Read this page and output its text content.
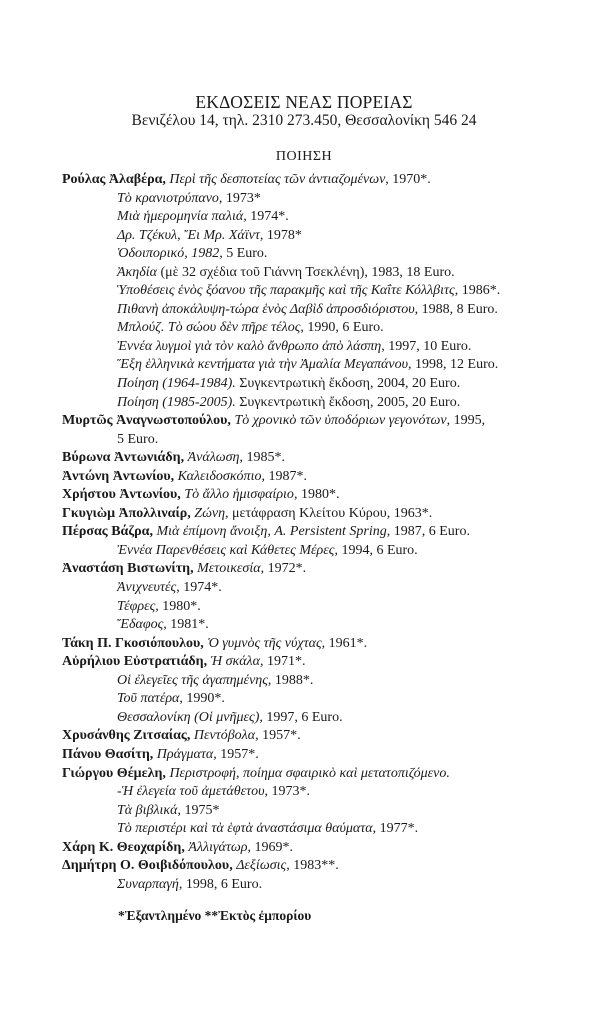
ΕΚΔΟΣΕΙΣ ΝΕΑΣ ΠΟΡΕΙΑΣ
Βενιζέλου 14, τηλ. 2310 273.450, Θεσσαλονίκη 546 24
ΠΟΙΗΣΗ
Ρούλας Ἀλαβέρα, Περὶ τῆς δεσποτείας τῶν ἀντιαζομένων, 1970*.
Τὸ κρανιοτρύπανο, 1973*
Μιὰ ἡμερομηνία παλιά, 1974*.
Δρ. Τζέκυλ, Ἔι Μρ. Χάϊντ, 1978*
Ὁδοιπορικό, 1982, 5 Euro.
Ἀκηδία (μὲ 32 σχέδια τοῦ Γιάννη Τσεκλένη), 1983, 18 Euro.
Ὑποθέσεις ἑνὸς ξόανου τῆς παρακμῆς καὶ τῆς Καΐτε Κόλλβιτς, 1986*.
Πιθανὴ ἀποκάλυψη-τώρα ἑνὸς Δαβὶδ ἀπροσδιόριστου, 1988, 8 Euro.
Μπλούζ. Τὸ σώου δὲν πῆρε τέλος, 1990, 6 Euro.
Ἐννέα λυγμοὶ γιὰ τὸν καλὸ ἄνθρωπο ἀπὸ λάσπη, 1997, 10 Euro.
Ἕξη ἑλληνικὰ κεντήματα γιὰ τὴν Ἀμαλία Μεγαπάνου, 1998, 12 Euro.
Ποίηση (1964-1984). Συγκεντρωτικὴ ἔκδοση, 2004, 20 Euro.
Ποίηση (1985-2005). Συγκεντρωτικὴ ἔκδοση, 2005, 20 Euro.
Μυρτῶς Ἀναγνωστοπούλου, Τὸ χρονικὸ τῶν ὑποδόριων γεγονότων, 1995,
5 Euro.
Βύρωνα Ἀντωνιάδη, Ἀνάλωση, 1985*.
Ἀντώνη Ἀντωνίου, Καλειδοσκόπιο, 1987*.
Χρήστου Ἀντωνίου, Τὸ ἄλλο ἡμισφαίριο, 1980*.
Γκυγιὼμ Ἀπολλιναίρ, Ζώνη, μετάφραση Κλείτου Κύρου, 1963*.
Πέρσας Βάζρα, Μιὰ ἐπίμονη ἄνοιξη, A. Persistent Spring, 1987, 6 Euro.
Ἐννέα Παρενθέσεις καὶ Κάθετες Μέρες, 1994, 6 Euro.
Ἀναστάση Βιστωνίτη, Μετοικεσία, 1972*.
Ἀνιχνευτές, 1974*.
Τέφρες, 1980*.
Ἔδαφος, 1981*.
Τάκη Π. Γκοσιόπουλου, Ὁ γυμνὸς τῆς νύχτας, 1961*.
Αὐρήλιου Εὐστρατιάδη, Ἡ σκάλα, 1971*.
Οἱ ἐλεγεῖες τῆς ἀγαπημένης, 1988*.
Τοῦ πατέρα, 1990*.
Θεσσαλονίκη (Οἱ μνῆμες), 1997, 6 Euro.
Χρυσάνθης Ζιτσαίας, Πεντόβολα, 1957*.
Πάνου Θασίτη, Πράγματα, 1957*.
Γιώργου Θέμελη, Περιστροφή, ποίημα σφαιρικὸ καὶ μετατοπιζόμενο.
-Ἡ ἐλεγεία τοῦ ἀμετάθετου, 1973*.
Τὰ βιβλικά, 1975*
Τὸ περιστέρι καὶ τὰ ἑφτὰ ἀναστάσιμα θαύματα, 1977*.
Χάρη Κ. Θεοχαρίδη, Ἀλλιγάτωρ, 1969*.
Δημήτρη Ο. Θοιβιδόπουλου, Δεξίωσις, 1983**.
Συναρπαγή, 1998, 6 Euro.
*Ἐξαντλημένο **Ἐκτὸς ἐμπορίου
